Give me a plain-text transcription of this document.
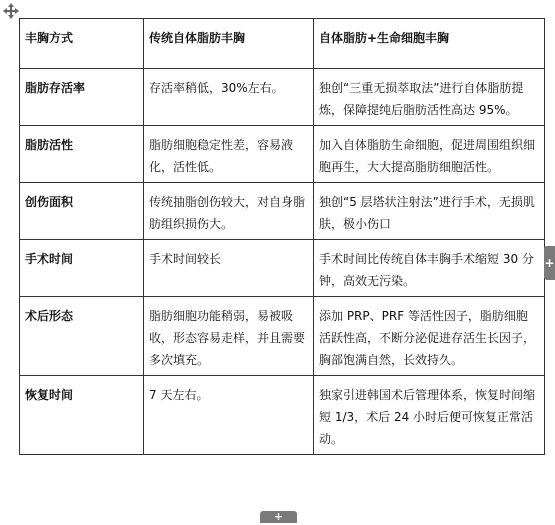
丰胸方式	传统自体脂肪丰胸	自体脂肪+生命细胞丰胸
脂肪存活率	存活率稍低，30%左右。	独创“三重无损萃取法”进行自体脂肪提炼，保障提纯后脂肪活性高达 95%。
脂肪活性	脂肪细胞稳定性差，容易液化，活性低。	加入自体脂肪生命细胞，促进周围组织细胞再生，大大提高脂肪细胞活性。
创伤面积	传统抽脂创伤较大，对自身脂肪组织损伤大。	独创“5 层塔状注射法”进行手术，无损肌肤，极小伤口
手术时间	手术时间较长	手术时间比传统自体丰胸手术缩短 30 分钟，高效无污染。
术后形态	脂肪细胞功能稍弱，易被吸收，形态容易走样，并且需要多次填充。	添加 PRP、PRF 等活性因子，脂肪细胞活跃性高，不断分泌促进存活生长因子，胸部饱满自然，长效持久。
恢复时间	7 天左右。	独家引进韩国术后管理体系，恢复时间缩短 1/3，术后 24 小时后便可恢复正常活动。
+
+
